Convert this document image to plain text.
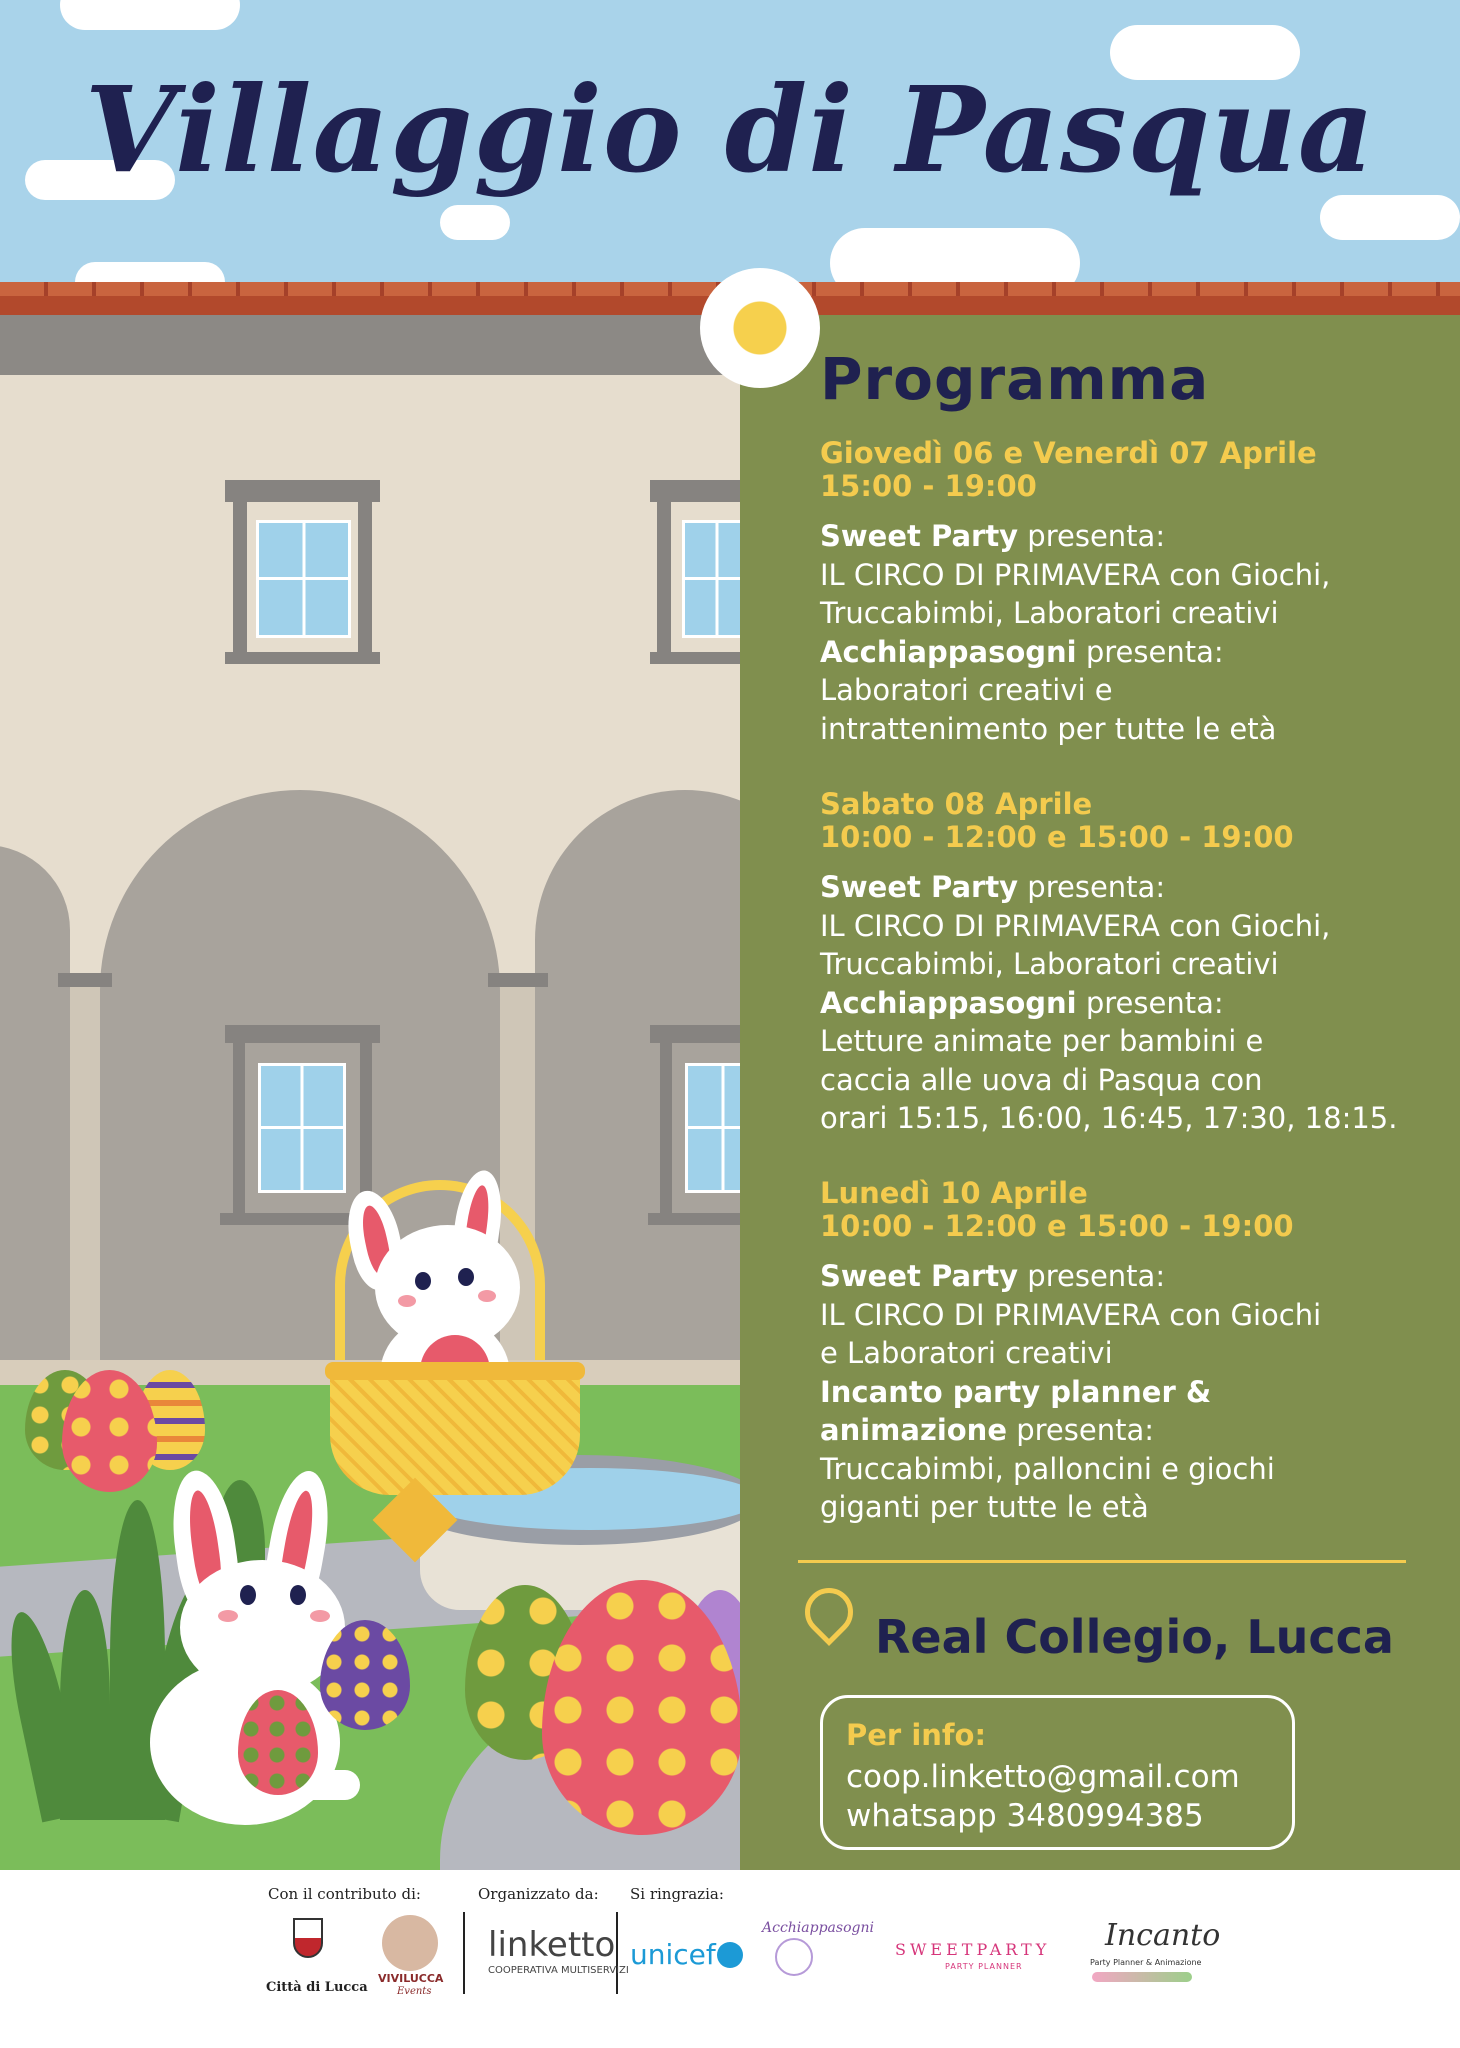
Villaggio di Pasqua
Programma
Giovedì 06 e Venerdì 07 Aprile
15:00 - 19:00
Sweet Party presenta:
IL CIRCO DI PRIMAVERA con Giochi,
Truccabimbi, Laboratori creativi
Acchiappasogni presenta:
Laboratori creativi e
intrattenimento per tutte le età
Sabato 08 Aprile
10:00 - 12:00 e 15:00 - 19:00
Sweet Party presenta:
IL CIRCO DI PRIMAVERA con Giochi,
Truccabimbi, Laboratori creativi
Acchiappasogni presenta:
Letture animate per bambini e
caccia alle uova di Pasqua con
orari 15:15, 16:00, 16:45, 17:30, 18:15.
Lunedì 10 Aprile
10:00 - 12:00 e 15:00 - 19:00
Sweet Party presenta:
IL CIRCO DI PRIMAVERA con Giochi
e Laboratori creativi
Incanto party planner &
animazione presenta:
Truccabimbi, palloncini e giochi
giganti per tutte le età
Real Collegio, Lucca
Per info:
coop.linketto@gmail.com
whatsapp 3480994385
Con il contributo di:	Organizzato da: Si ringrazia:
Città di Lucca
VIVILUCCA
Events
linketto
COOPERATIVA MULTISERVIZI unicef
Acchiappasogni
SWEETPARTY
PARTY PLANNER
Incanto
Party Planner & Animazione
